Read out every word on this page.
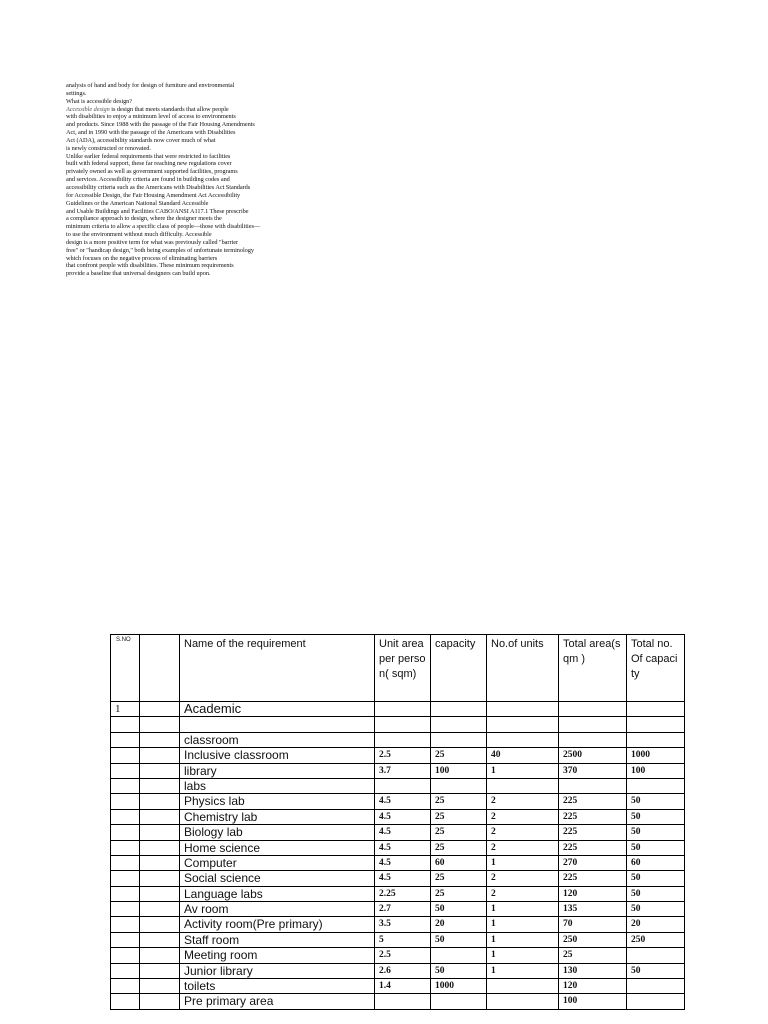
analysis of hand and body for design of furniture and environmental
settings.
What is accessible design?
Accessible design is design that meets standards that allow people
with disabilities to enjoy a minimum level of access to environments
and products. Since 1988 with the passage of the Fair Housing Amendments
Act, and in 1990 with the passage of the Americans with Disabilities
Act (ADA), accessibility standards now cover much of what
is newly constructed or renovated.
Unlike earlier federal requirements that were restricted to facilities
built with federal support, these far reaching new regulations cover
privately owned as well as government supported facilities, programs
and services. Accessibility criteria are found in building codes and
accessibility criteria such as the Americans with Disabilities Act Standards
for Accessible Design, the Fair Housing Amendment Act Accessibility
Guidelines or the American National Standard Accessible
and Usable Buildings and Facilities CABO/ANSI A117.1 These prescribe
a compliance approach to design, where the designer meets the
minimum criteria to allow a specific class of people—those with disabilities—
to use the environment without much difficulty. Accessible
design is a more positive term for what was previously called "barrier
free" or "handicap design," both being examples of unfortunate terminology
which focuses on the negative process of eliminating barriers
that confront people with disabilities. These minimum requirements
provide a baseline that universal designers can build upon.
S.NO		Name of the requirement	Unit areaper person( sqm)	capacity	No.of units	Total area(sqm )	Total no. Of capacity
1		Academic					

		classroom					
		Inclusive classroom	2.5	25	40	2500	1000
		library	3.7	100	1	370	100
		labs					
		Physics lab	4.5	25	2	225	50
		Chemistry lab	4.5	25	2	225	50
		Biology lab	4.5	25	2	225	50
		Home science	4.5	25	2	225	50
		Computer	4.5	60	1	270	60
		Social science	4.5	25	2	225	50
		Language labs	2.25	25	2	120	50
		Av room	2.7	50	1	135	50
		Activity room(Pre primary)	3.5	20	1	70	20
		Staff room	5	50	1	250	250
		Meeting room	2.5		1	25	
		Junior library	2.6	50	1	130	50
		toilets	1.4	1000		120	
		Pre primary area				100	
